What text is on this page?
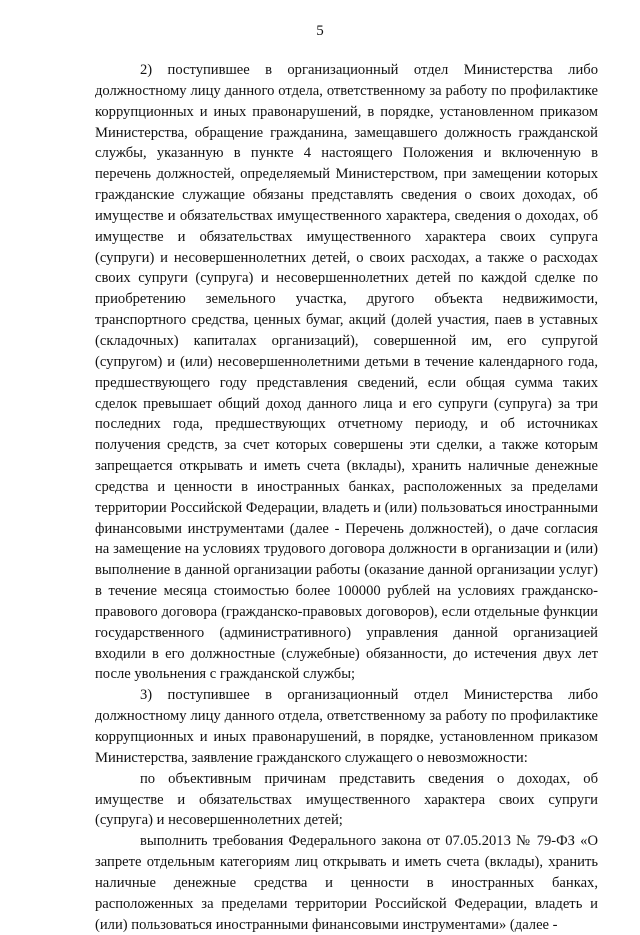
5

2) поступившее в организационный отдел Министерства либо должностному лицу данного отдела, ответственному за работу по профилактике коррупционных и иных правонарушений, в порядке, установленном приказом Министерства, обращение гражданина, замещавшего должность гражданской службы, указанную в пункте 4 настоящего Положения и включенную в перечень должностей, определяемый Министерством, при замещении которых гражданские служащие обязаны представлять сведения о своих доходах, об имуществе и обязательствах имущественного характера, сведения о доходах, об имуществе и обязательствах имущественного характера своих супруга (супруги) и несовершеннолетних детей, о своих расходах, а также о расходах своих супруги (супруга) и несовершеннолетних детей по каждой сделке по приобретению земельного участка, другого объекта недвижимости, транспортного средства, ценных бумаг, акций (долей участия, паев в уставных (складочных) капиталах организаций), совершенной им, его супругой (супругом) и (или) несовершеннолетними детьми в течение календарного года, предшествующего году представления сведений, если общая сумма таких сделок превышает общий доход данного лица и его супруги (супруга) за три последних года, предшествующих отчетному периоду, и об источниках получения средств, за счет которых совершены эти сделки, а также которым запрещается открывать и иметь счета (вклады), хранить наличные денежные средства и ценности в иностранных банках, расположенных за пределами территории Российской Федерации, владеть и (или) пользоваться иностранными финансовыми инструментами (далее - Перечень должностей), о даче согласия на замещение на условиях трудового договора должности в организации и (или) выполнение в данной организации работы (оказание данной организации услуг) в течение месяца стоимостью более 100000 рублей на условиях гражданско-правового договора (гражданско-правовых договоров), если отдельные функции государственного (административного) управления данной организацией входили в его должностные (служебные) обязанности, до истечения двух лет после увольнения с гражданской службы;

3) поступившее в организационный отдел Министерства либо должностному лицу данного отдела, ответственному за работу по профилактике коррупционных и иных правонарушений, в порядке, установленном приказом Министерства, заявление гражданского служащего о невозможности:

по объективным причинам представить сведения о доходах, об имуществе и обязательствах имущественного характера своих супруги (супруга) и несовершеннолетних детей;

выполнить требования Федерального закона от 07.05.2013 № 79-ФЗ «О запрете отдельным категориям лиц открывать и иметь счета (вклады), хранить наличные денежные средства и ценности в иностранных банках, расположенных за пределами территории Российской Федерации, владеть и (или) пользоваться иностранными финансовыми инструментами» (далее -
